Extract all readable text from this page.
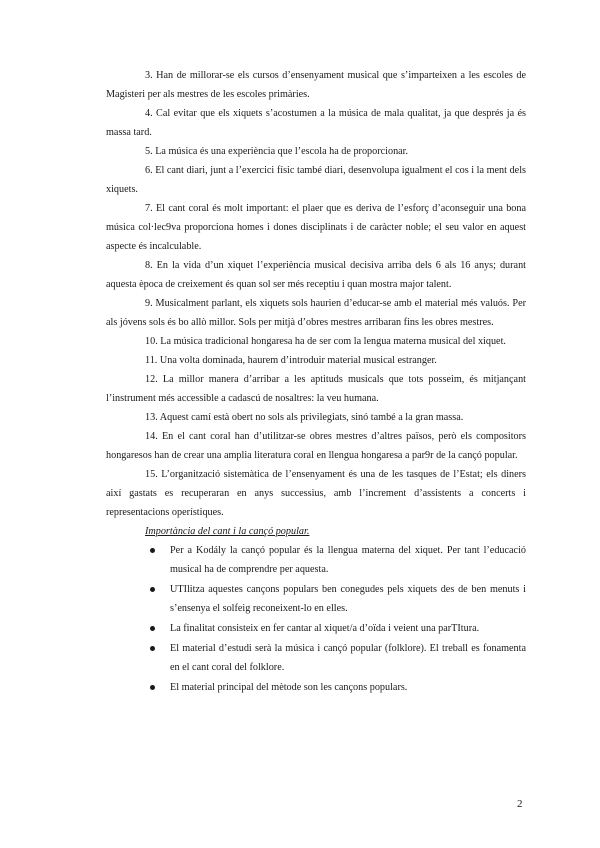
3. Han de millorar-se els cursos d’ensenyament musical que s’imparteixen a les escoles de Magisteri per als mestres de les escoles primàries.

4. Cal evitar que els xiquets s’acostumen a la música de mala qualitat, ja que després ja és massa tard.

5. La música és una experiència que l’escola ha de proporcionar.

6. El cant diari, junt a l’exercici físic també diari, desenvolupa igualment el cos i la ment dels xiquets.

7. El cant coral és molt important: el plaer que es deriva de l’esforç d’aconseguir una bona música col·lec9va proporciona homes i dones disciplinats i de caràcter noble; el seu valor en aquest aspecte és incalculable.

8. En la vida d’un xiquet l’experiència musical decisiva arriba dels 6 als 16 anys; durant aquesta època de creixement és quan sol ser més receptiu i quan mostra major talent.

9. Musicalment parlant, els xiquets sols haurien d’educar-se amb el material més valuós. Per als jóvens sols és bo allò millor. Sols per mitjà d’obres mestres arribaran fins les obres mestres.

10. La música tradicional hongaresa ha de ser com la lengua materna musical del xiquet.

11. Una volta dominada, haurem d’introduir material musical estranger.

12. La millor manera d’arribar a les aptituds musicals que tots posseim, és mitjançant l’instrument més accessible a cadascú de nosaltres: la veu humana.

13. Aquest camí està obert no sols als privilegiats, sinó també a la gran massa.

14. En el cant coral han d’utilitzar-se obres mestres d’altres països, però els compositors hongaresos han de crear una amplia literatura coral en llengua hongaresa a par9r de la cançó popular.

15. L’organització sistemàtica de l’ensenyament és una de les tasques de l’Estat; els diners així gastats es recuperaran en anys successius, amb l’increment d’assistents a concerts i representacions operístiques.

Importància del cant i la cançó popular.

Per a Kodály la cançó popular és la llengua materna del xiquet. Per tant l’educació musical ha de comprendre per aquesta.
UTIlitza aquestes cançons populars ben conegudes pels xiquets des de ben menuts i s’ensenya el solfeig reconeixent-lo en elles.
La finalitat consisteix en fer cantar al xiquet/a d’oïda i veient una parTItura.
El material d’estudi serà la música i cançó popular (folklore). El treball es fonamenta en el cant coral del folklore.
El material principal del mètode son les cançons populars.
2
